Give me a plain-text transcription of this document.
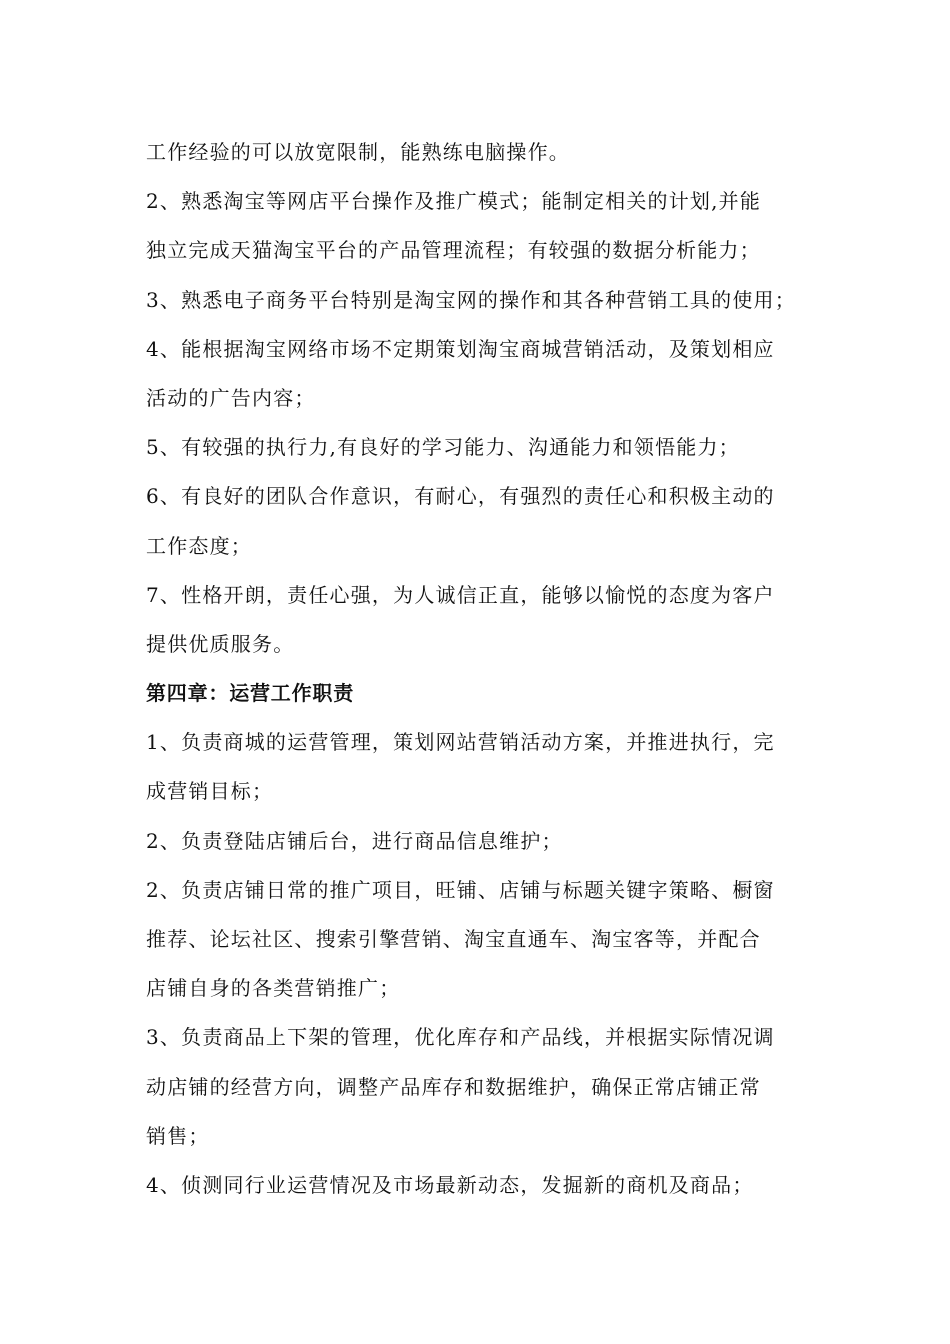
工作经验的可以放宽限制，能熟练电脑操作。
2、熟悉淘宝等网店平台操作及推广模式；能制定相关的计划,并能
独立完成天猫淘宝平台的产品管理流程；有较强的数据分析能力；
3、熟悉电子商务平台特别是淘宝网的操作和其各种营销工具的使用；
4、能根据淘宝网络市场不定期策划淘宝商城营销活动，及策划相应
活动的广告内容；
5、有较强的执行力,有良好的学习能力、沟通能力和领悟能力；
6、有良好的团队合作意识，有耐心，有强烈的责任心和积极主动的
工作态度；
7、性格开朗，责任心强，为人诚信正直，能够以愉悦的态度为客户
提供优质服务。
第四章：运营工作职责
1、负责商城的运营管理，策划网站营销活动方案，并推进执行，完
成营销目标；
2、负责登陆店铺后台，进行商品信息维护；
2、负责店铺日常的推广项目，旺铺、店铺与标题关键字策略、橱窗
推荐、论坛社区、搜索引擎营销、淘宝直通车、淘宝客等，并配合
店铺自身的各类营销推广；
3、负责商品上下架的管理，优化库存和产品线，并根据实际情况调
动店铺的经营方向，调整产品库存和数据维护，确保正常店铺正常
销售；
4、侦测同行业运营情况及市场最新动态，发掘新的商机及商品；
